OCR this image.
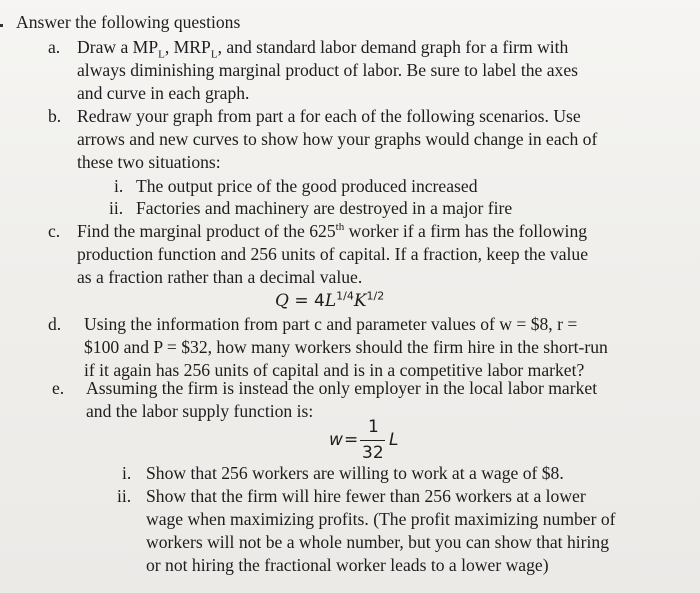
Answer the following questions
a. Draw a $MP_L$, $MRP_L$, and standard labor demand graph for a firm with
always diminishing marginal product of labor. Be sure to label the axes
and curve in each graph.
b. Redraw your graph from part a for each of the following scenarios. Use
arrows and new curves to show how your graphs would change in each of
these two situations:
i. The output price of the good produced increased
ii. Factories and machinery are destroyed in a major fire
c. Find the marginal product of the 625th worker if a firm has the following
production function and 256 units of capital. If a fraction, keep the value
as a fraction rather than a decimal value.
$Q = 4L^{1/4}K^{1/2}$
d. Using the information from part c and parameter values of w = $8, r =
$100 and P = $32, how many workers should the firm hire in the short-run
if it again has 256 units of capital and is in a competitive labor market?
e. Assuming the firm is instead the only employer in the local labor market
and the labor supply function is:
w =
1
32
L
i. Show that 256 workers are willing to work at a wage of $8.
ii. Show that the firm will hire fewer than 256 workers at a lower
wage when maximizing profits. (The profit maximizing number of
workers will not be a whole number, but you can show that hiring
or not hiring the fractional worker leads to a lower wage)
